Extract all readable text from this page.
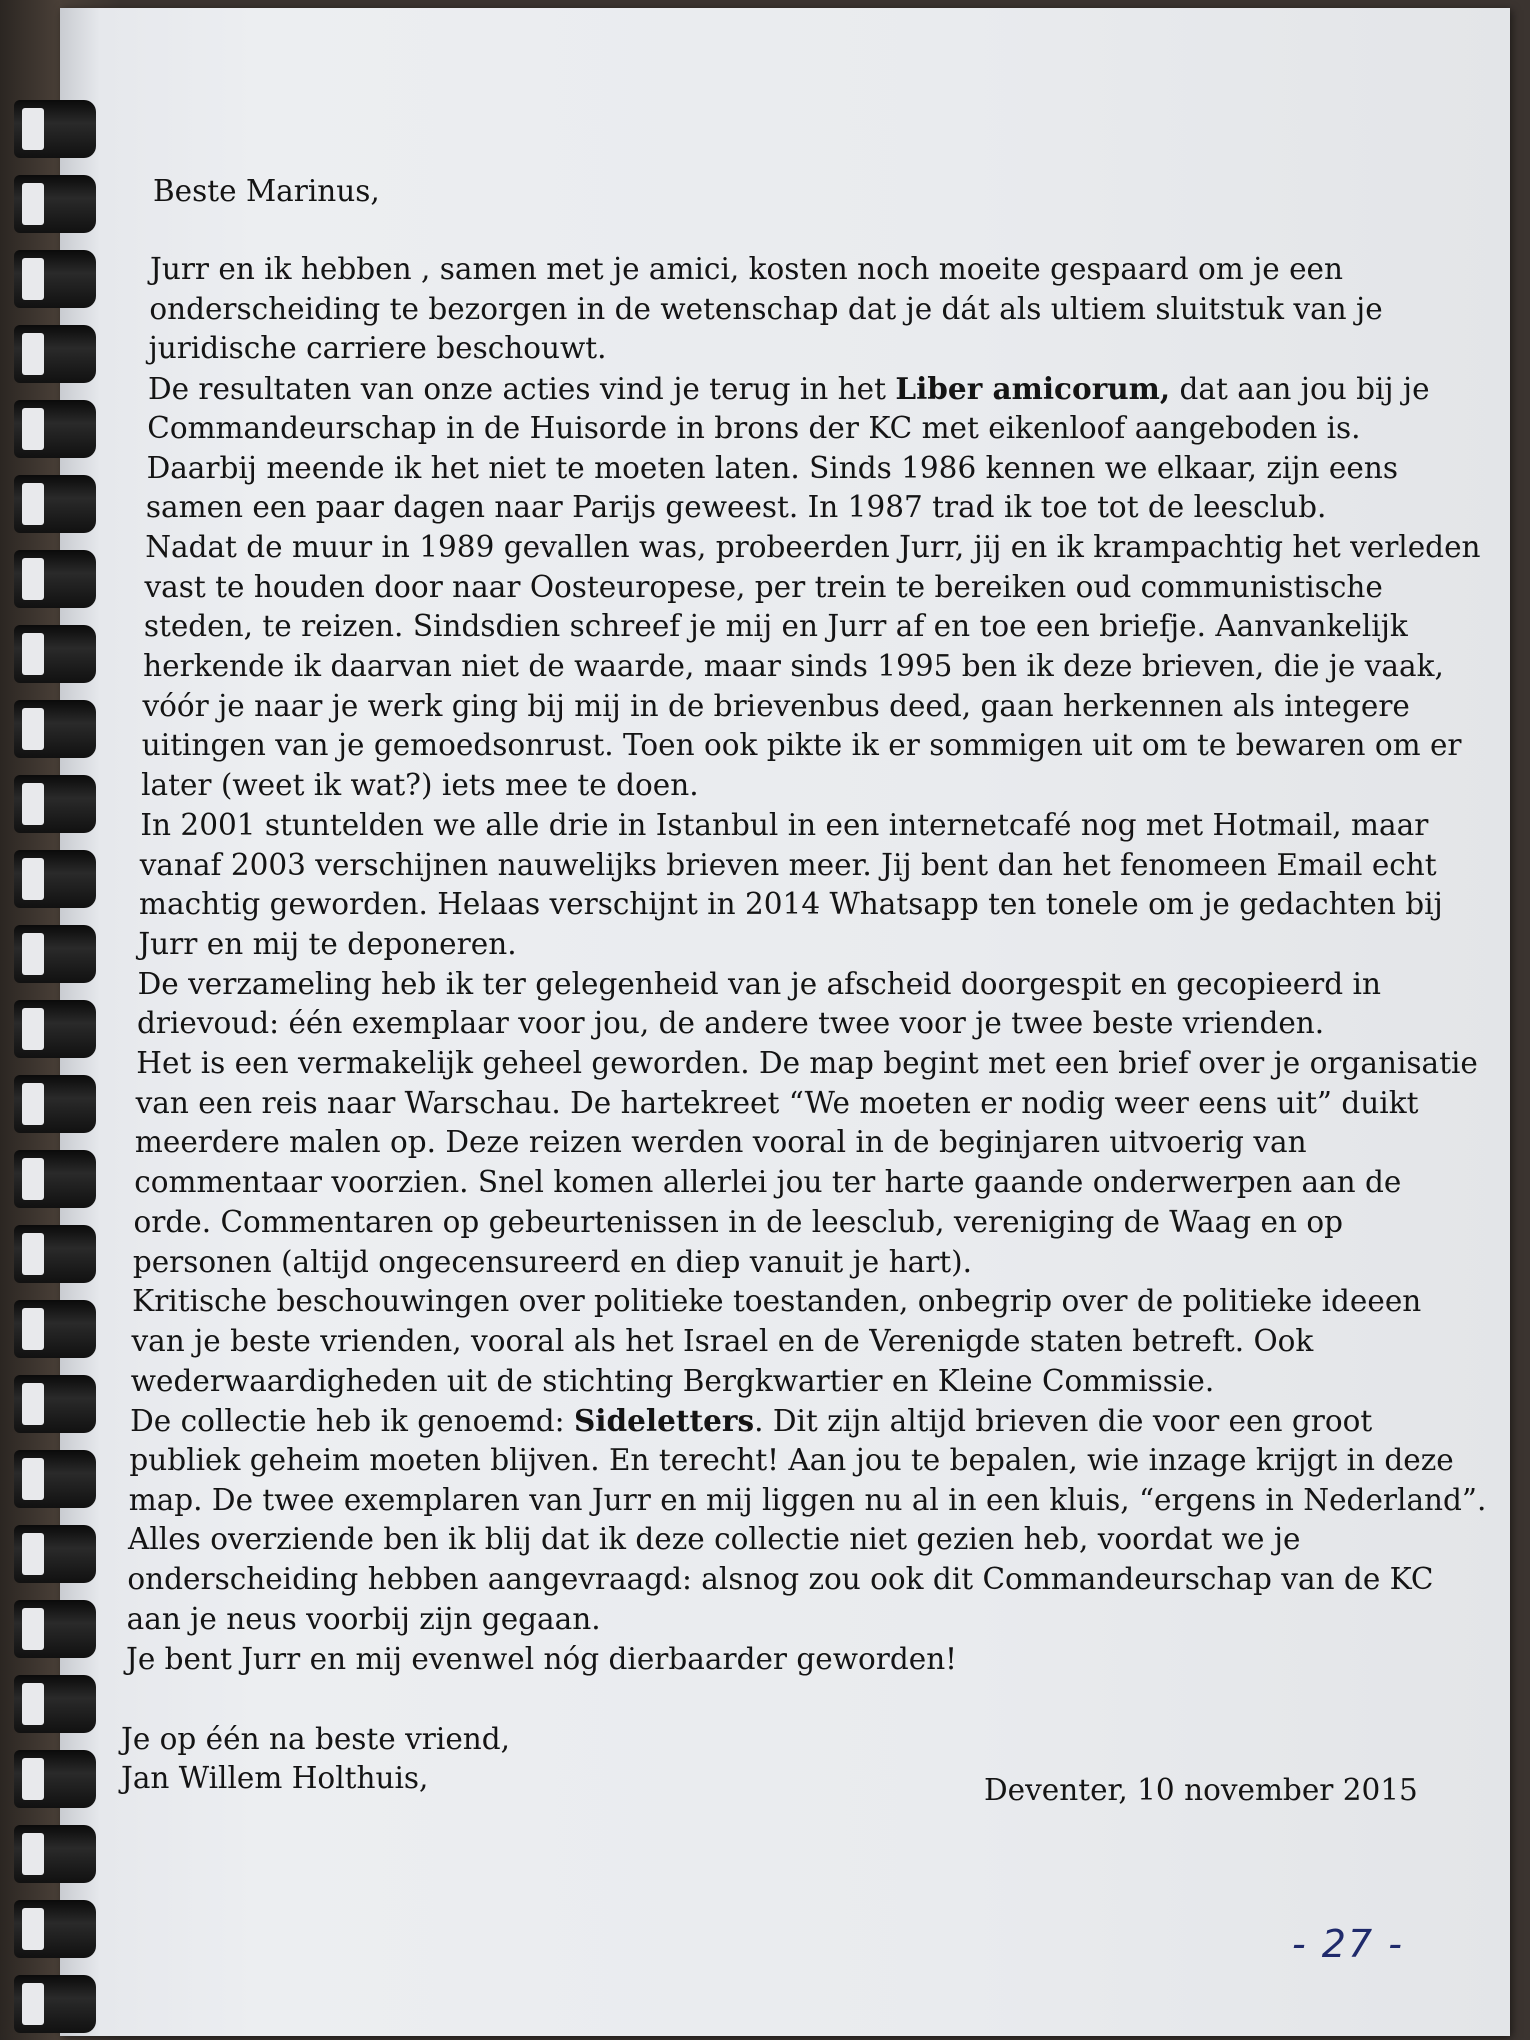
Beste Marinus,
Jurr en ik hebben , samen met je amici, kosten noch moeite gespaard om je een
onderscheiding te bezorgen in de wetenschap dat je dát als ultiem sluitstuk van je
juridische carriere beschouwt.
De resultaten van onze acties vind je terug in het Liber amicorum, dat aan jou bij je
Commandeurschap in de Huisorde in brons der KC met eikenloof aangeboden is.
Daarbij meende ik het niet te moeten laten. Sinds 1986 kennen we elkaar, zijn eens
samen een paar dagen naar Parijs geweest. In 1987 trad ik toe tot de leesclub.
Nadat de muur in 1989 gevallen was, probeerden Jurr, jij en ik krampachtig het verleden
vast te houden door naar Oosteuropese, per trein te bereiken oud communistische
steden, te reizen. Sindsdien schreef je mij en Jurr af en toe een briefje. Aanvankelijk
herkende ik daarvan niet de waarde, maar sinds 1995 ben ik deze brieven, die je vaak,
vóór je naar je werk ging bij mij in de brievenbus deed, gaan herkennen als integere
uitingen van je gemoedsonrust. Toen ook pikte ik er sommigen uit om te bewaren om er
later (weet ik wat?) iets mee te doen.
In 2001 stuntelden we alle drie in Istanbul in een internetcafé nog met Hotmail, maar
vanaf 2003 verschijnen nauwelijks brieven meer. Jij bent dan het fenomeen Email echt
machtig geworden. Helaas verschijnt in 2014 Whatsapp ten tonele om je gedachten bij
Jurr en mij te deponeren.
De verzameling heb ik ter gelegenheid van je afscheid doorgespit en gecopieerd in
drievoud: één exemplaar voor jou, de andere twee voor je twee beste vrienden.
Het is een vermakelijk geheel geworden. De map begint met een brief over je organisatie
van een reis naar Warschau. De hartekreet “We moeten er nodig weer eens uit” duikt
meerdere malen op. Deze reizen werden vooral in de beginjaren uitvoerig van
commentaar voorzien. Snel komen allerlei jou ter harte gaande onderwerpen aan de
orde. Commentaren op gebeurtenissen in de leesclub, vereniging de Waag en op
personen (altijd ongecensureerd en diep vanuit je hart).
Kritische beschouwingen over politieke toestanden, onbegrip over de politieke ideeen
van je beste vrienden, vooral als het Israel en de Verenigde staten betreft. Ook
wederwaardigheden uit de stichting Bergkwartier en Kleine Commissie.
De collectie heb ik genoemd: Sideletters. Dit zijn altijd brieven die voor een groot
publiek geheim moeten blijven. En terecht! Aan jou te bepalen, wie inzage krijgt in deze
map. De twee exemplaren van Jurr en mij liggen nu al in een kluis, “ergens in Nederland”.
Alles overziende ben ik blij dat ik deze collectie niet gezien heb, voordat we je
onderscheiding hebben aangevraagd: alsnog zou ook dit Commandeurschap van de KC
aan je neus voorbij zijn gegaan.
Je bent Jurr en mij evenwel nóg dierbaarder geworden!
Je op één na beste vriend,
Jan Willem Holthuis,	Deventer, 10 november 2015
- 27 -
